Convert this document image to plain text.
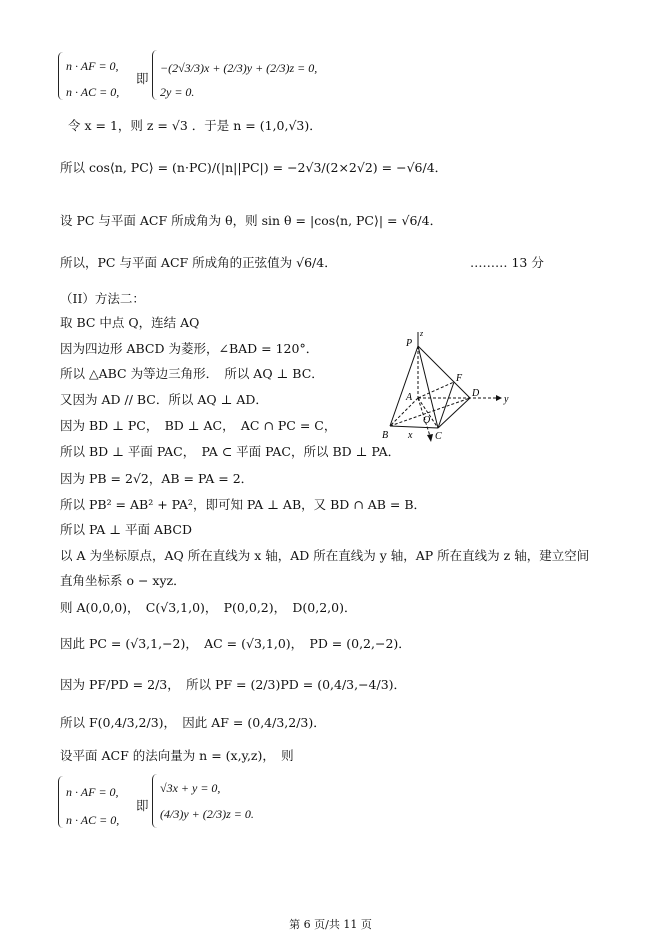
n · AF = 0,
n · AC = 0,
即
−(2√3/3)x + (2/3)y + (2/3)z = 0,
2y = 0.
令 x = 1，则 z = √3 ．于是 n = (1,0,√3)．
所以 cos⟨n, PC⟩ = (n·PC)/(|n||PC|) = −2√3/(2×2√2) = −√6/4．
设 PC 与平面 ACF 所成角为 θ，则 sin θ = |cos⟨n, PC⟩| = √6/4．
所以，PC 与平面 ACF 所成角的正弦值为 √6/4．	……… 13 分
（II）方法二：
取 BC 中点 Q，连结 AQ
因为四边形 ABCD 为菱形，∠BAD = 120°．
所以 △ABC 为等边三角形．　所以 AQ ⊥ BC．
又因为 AD // BC．所以 AQ ⊥ AD．
因为 BD ⊥ PC，　BD ⊥ AC，　AC ∩ PC = C，
所以 BD ⊥ 平面 PAC，　PA ⊂ 平面 PAC，所以 BD ⊥ PA．
因为 PB = 2√2，AB = PA = 2．
所以 PB² = AB² + PA²，即可知 PA ⊥ AB，又 BD ∩ AB = B．
所以 PA ⊥ 平面 ABCD
以 A 为坐标原点，AQ 所在直线为 x 轴，AD 所在直线为 y 轴，AP 所在直线为 z 轴，建立空间
直角坐标系 o − xyz．
则 A(0,0,0)，　C(√3,1,0)，　P(0,0,2)，　D(0,2,0)．
因此 PC = (√3,1,−2)，　AC = (√3,1,0)，　PD = (0,2,−2)．
因为 PF/PD = 2/3，　所以 PF = (2/3)PD = (0,4/3,−4/3)．
所以 F(0,4/3,2/3)，　因此 AF = (0,4/3,2/3)．
设平面 ACF 的法向量为 n = (x,y,z)，　则
n · AF = 0,
n · AC = 0,
即
√3x + y = 0,
(4/3)y + (2/3)z = 0.
z
P
F
A	D
y
O
B x C
第 6 页/共 11 页
